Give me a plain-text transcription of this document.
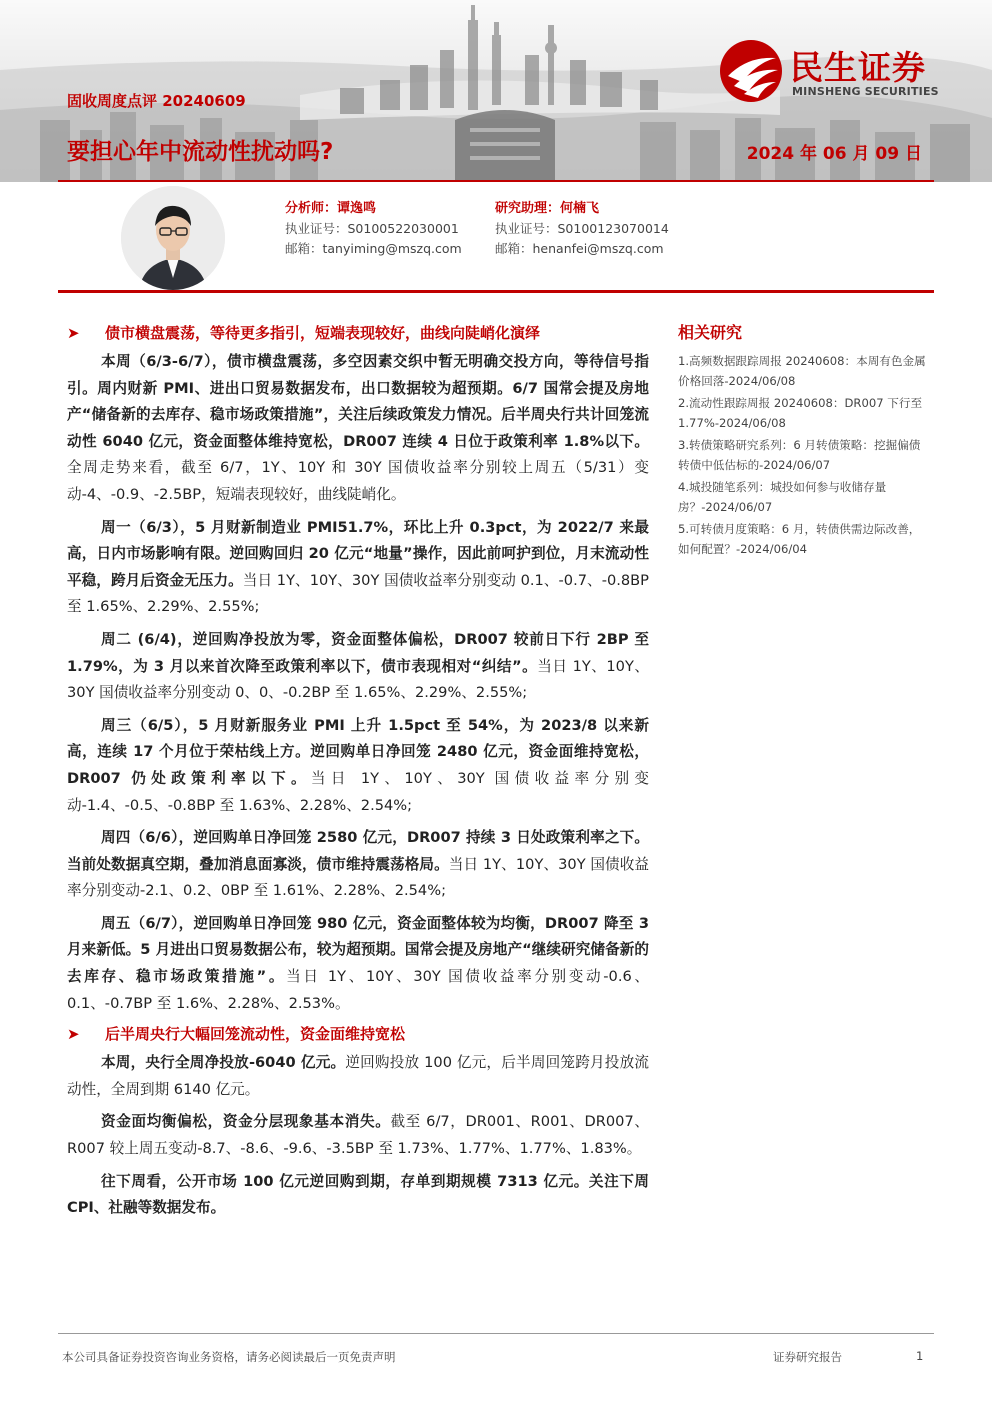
固收周度点评 20240609
要担心年中流动性扰动吗?	2024 年 06 月 09 日
民生证券
MINSHENG SECURITIES
分析师：谭逸鸣
执业证号：S0100522030001
邮箱：tanyiming@mszq.com
研究助理：何楠飞
执业证号：S0100123070014
邮箱：henanfei@mszq.com
➤	债市横盘震荡，等待更多指引，短端表现较好，曲线向陡峭化演绎

本周（6/3-6/7），债市横盘震荡，多空因素交织中暂无明确交投方向，等待信号指引。周内财新 PMI、进出口贸易数据发布，出口数据较为超预期。6/7 国常会提及房地产“储备新的去库存、稳市场政策措施”，关注后续政策发力情况。后半周央行共计回笼流动性 6040 亿元，资金面整体维持宽松，DR007 连续 4 日位于政策利率 1.8%以下。全周走势来看，截至 6/7，1Y、10Y 和 30Y 国债收益率分别较上周五（5/31）变动-4、-0.9、-2.5BP，短端表现较好，曲线陡峭化。

周一（6/3），5 月财新制造业 PMI51.7%，环比上升 0.3pct，为 2022/7 来最高，日内市场影响有限。逆回购回归 20 亿元“地量”操作，因此前呵护到位，月末流动性平稳，跨月后资金无压力。当日 1Y、10Y、30Y 国债收益率分别变动 0.1、-0.7、-0.8BP 至 1.65%、2.29%、2.55%;

周二 (6/4)，逆回购净投放为零，资金面整体偏松，DR007 较前日下行 2BP 至 1.79%，为 3 月以来首次降至政策利率以下，债市表现相对“纠结”。当日 1Y、10Y、30Y 国债收益率分别变动 0、0、-0.2BP 至 1.65%、2.29%、2.55%;

周三（6/5），5 月财新服务业 PMI 上升 1.5pct 至 54%，为 2023/8 以来新高，连续 17 个月位于荣枯线上方。逆回购单日净回笼 2480 亿元，资金面维持宽松，DR007 仍处政策利率以下。当日 1Y、10Y、30Y 国债收益率分别变动-1.4、-0.5、-0.8BP 至 1.63%、2.28%、2.54%;

周四（6/6），逆回购单日净回笼 2580 亿元，DR007 持续 3 日处政策利率之下。当前处数据真空期，叠加消息面寡淡，债市维持震荡格局。当日 1Y、10Y、30Y 国债收益率分别变动-2.1、0.2、0BP 至 1.61%、2.28%、2.54%;

周五（6/7），逆回购单日净回笼 980 亿元，资金面整体较为均衡，DR007 降至 3 月来新低。5 月进出口贸易数据公布，较为超预期。国常会提及房地产“继续研究储备新的去库存、稳市场政策措施”。当日 1Y、10Y、30Y 国债收益率分别变动-0.6、0.1、-0.7BP 至 1.6%、2.28%、2.53%。

➤	后半周央行大幅回笼流动性，资金面维持宽松

本周，央行全周净投放-6040 亿元。逆回购投放 100 亿元，后半周回笼跨月投放流动性，全周到期 6140 亿元。

资金面均衡偏松，资金分层现象基本消失。截至 6/7，DR001、R001、DR007、R007 较上周五变动-8.7、-8.6、-9.6、-3.5BP 至 1.73%、1.77%、1.77%、1.83%。

往下周看，公开市场 100 亿元逆回购到期，存单到期规模 7313 亿元。关注下周 CPI、社融等数据发布。

相关研究
1.高频数据跟踪周报 20240608：本周有色金属价格回落-2024/06/08
2.流动性跟踪周报 20240608：DR007 下行至 1.77%-2024/06/08
3.转债策略研究系列：6 月转债策略：挖掘偏债转债中低估标的-2024/06/07
4.城投随笔系列：城投如何参与收储存量房？-2024/06/07
5.可转债月度策略：6 月，转债供需边际改善，如何配置？-2024/06/04
本公司具备证券投资咨询业务资格，请务必阅读最后一页免责声明	证券研究报告	1
